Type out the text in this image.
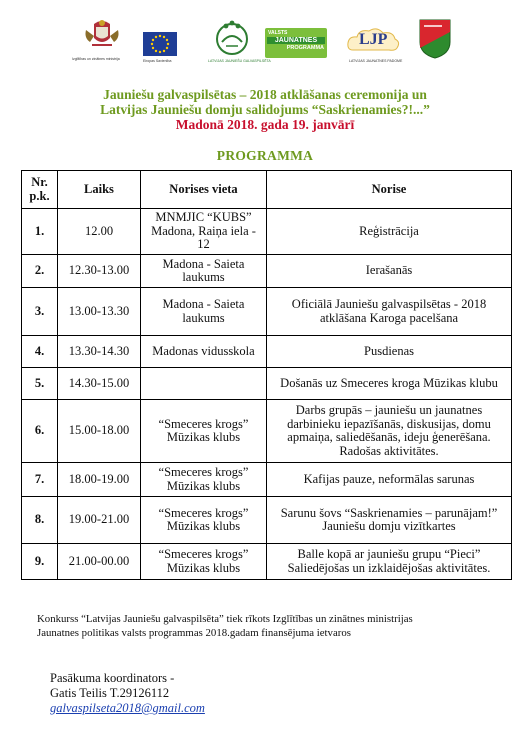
Izglītības un zinātnes ministrija	Eiropas Savienība	LATVIJAS JAUNIEŠU GALVASPILSĒTA
VALSTS
JAUNATNES
PROGRAMMA LJP
LATVIJAS JAUNATNES PADOME
Jauniešu galvaspilsētas – 2018 atklāšanas ceremonija un
Latvijas Jauniešu domju salidojums “Saskrienamies?!...”
Madonā 2018. gada 19. janvārī
PROGRAMMA
Nr. p.k.	Laiks	Norises vieta	Norise
1.	12.00	MNMJIC “KUBS” Madona, Raiņa iela - 12	Reģistrācija
2.	12.30-13.00	Madona - Saieta laukums	Ierašanās
3.	13.00-13.30	Madona - Saieta laukums	Oficiālā Jauniešu galvaspilsētas - 2018 atklāšana Karoga pacelšana
4.	13.30-14.30	Madonas vidusskola	Pusdienas
5.	14.30-15.00		Došanās uz Smeceres kroga Mūzikas klubu
6.	15.00-18.00	“Smeceres krogs” Mūzikas klubs	Darbs grupās – jauniešu un jaunatnes darbinieku iepazīšanās, diskusijas, domu apmaiņa, saliedēšanās, ideju ģenerēšana. Radošas aktivitātes.
7.	18.00-19.00	“Smeceres krogs” Mūzikas klubs	Kafijas pauze, neformālas sarunas
8.	19.00-21.00	“Smeceres krogs” Mūzikas klubs	Sarunu šovs “Saskrienamies – parunājam!” Jauniešu domju vizītkartes
9.	21.00-00.00	“Smeceres krogs” Mūzikas klubs	Balle kopā ar jauniešu grupu “Pieci” Saliedējošas un izklaidējošas aktivitātes.
Konkurss “Latvijas Jauniešu galvaspilsēta” tiek rīkots Izglītības un zinātnes ministrijas
Jaunatnes politikas valsts programmas 2018.gadam finansējuma ietvaros
Pasākuma koordinators -
Gatis Teilis T.29126112
galvaspilseta2018@gmail.com
